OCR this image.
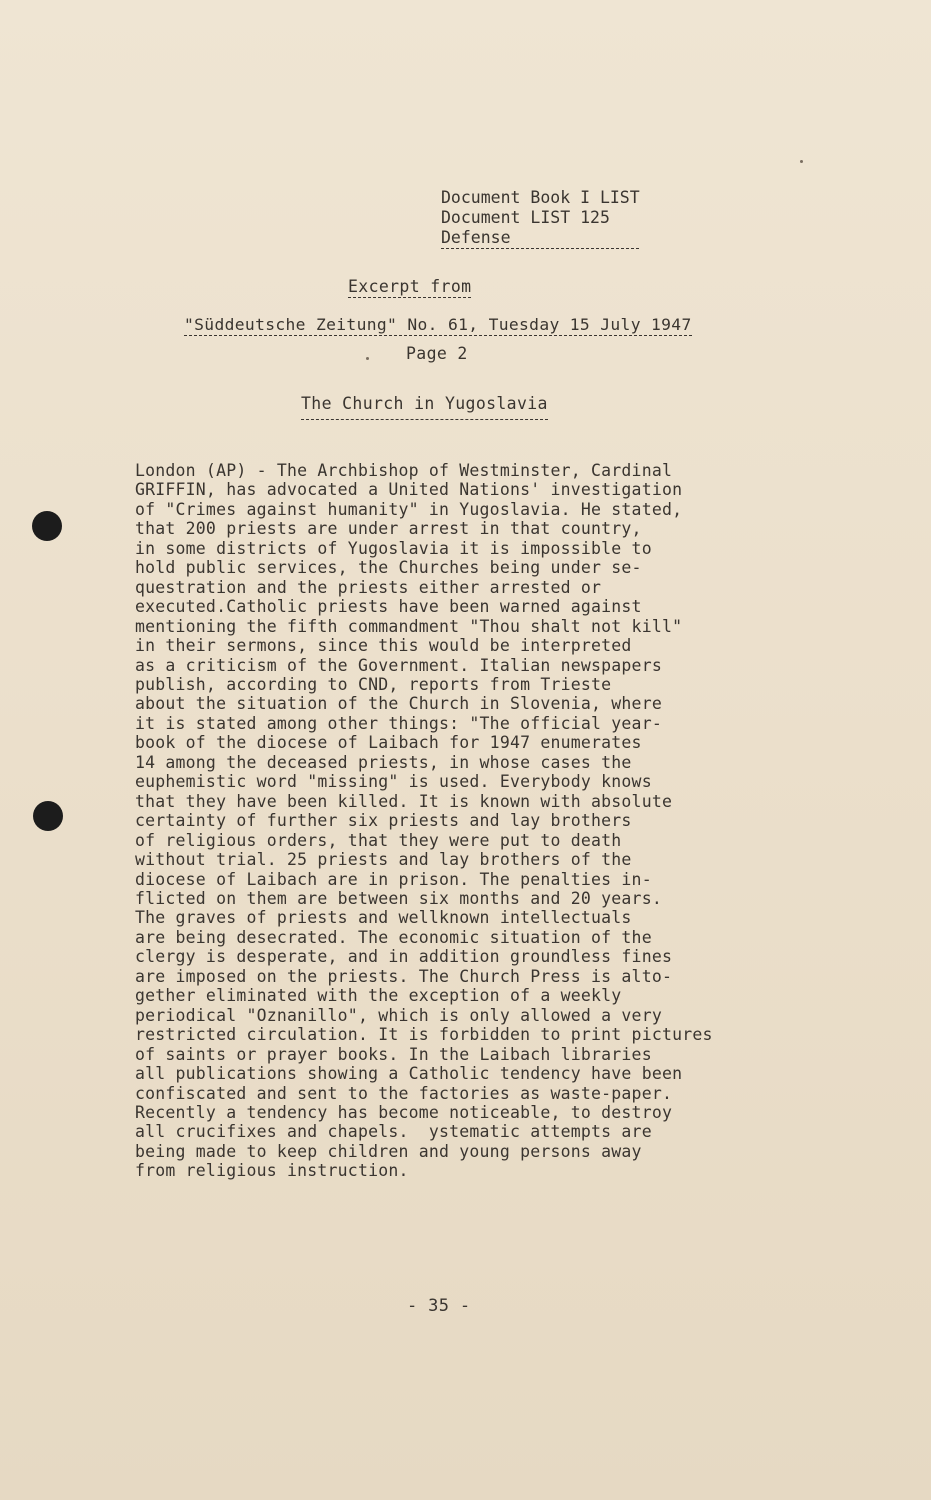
Document Book I LIST
Document LIST 125
Defense
Excerpt from
"Süddeutsche Zeitung" No. 61, Tuesday 15 July 1947
Page 2
The Church in Yugoslavia
London (AP) - The Archbishop of Westminster, Cardinal
GRIFFIN, has advocated a United Nations' investigation
of "Crimes against humanity" in Yugoslavia. He stated,
that 200 priests are under arrest in that country,
in some districts of Yugoslavia it is impossible to
hold public services, the Churches being under se-
questration and the priests either arrested or
executed.Catholic priests have been warned against
mentioning the fifth commandment "Thou shalt not kill"
in their sermons, since this would be interpreted
as a criticism of the Government. Italian newspapers
publish, according to CND, reports from Trieste
about the situation of the Church in Slovenia, where
it is stated among other things: "The official year-
book of the diocese of Laibach for 1947 enumerates
14 among the deceased priests, in whose cases the
euphemistic word "missing" is used. Everybody knows
that they have been killed. It is known with absolute
certainty of further six priests and lay brothers
of religious orders, that they were put to death
without trial. 25 priests and lay brothers of the
diocese of Laibach are in prison. The penalties in-
flicted on them are between six months and 20 years.
The graves of priests and wellknown intellectuals
are being desecrated. The economic situation of the
clergy is desperate, and in addition groundless fines
are imposed on the priests. The Church Press is alto-
gether eliminated with the exception of a weekly
periodical "Oznanillo", which is only allowed a very
restricted circulation. It is forbidden to print pictures
of saints or prayer books. In the Laibach libraries
all publications showing a Catholic tendency have been
confiscated and sent to the factories as waste-paper.
Recently a tendency has become noticeable, to destroy
all crucifixes and chapels.  ystematic attempts are
being made to keep children and young persons away
from religious instruction.
- 35 -
